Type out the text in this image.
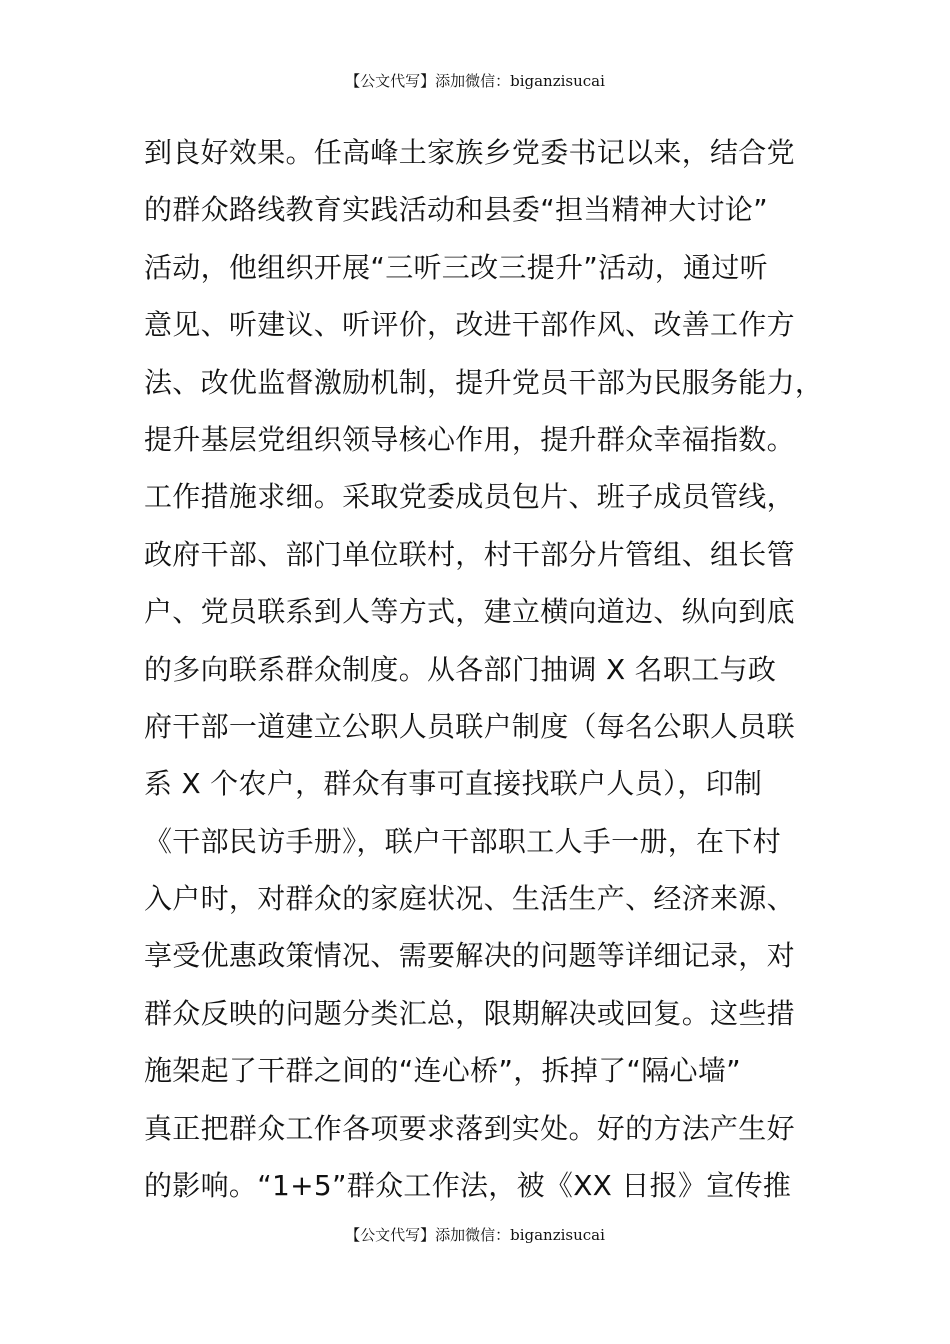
【公文代写】添加微信：biganzisucai
到良好效果。任高峰土家族乡党委书记以来，结合党
的群众路线教育实践活动和县委“担当精神大讨论”
活动，他组织开展“三听三改三提升”活动，通过听
意见、听建议、听评价，改进干部作风、改善工作方
法、改优监督激励机制，提升党员干部为民服务能力，
提升基层党组织领导核心作用，提升群众幸福指数。
工作措施求细。采取党委成员包片、班子成员管线，
政府干部、部门单位联村，村干部分片管组、组长管
户、党员联系到人等方式，建立横向道边、纵向到底
的多向联系群众制度。从各部门抽调 X 名职工与政
府干部一道建立公职人员联户制度（每名公职人员联
系 X 个农户，群众有事可直接找联户人员），印制
《干部民访手册》，联户干部职工人手一册，在下村
入户时，对群众的家庭状况、生活生产、经济来源、
享受优惠政策情况、需要解决的问题等详细记录，对
群众反映的问题分类汇总，限期解决或回复。这些措
施架起了干群之间的“连心桥”，拆掉了“隔心墙”
真正把群众工作各项要求落到实处。好的方法产生好
的影响。“1+5”群众工作法，被《XX 日报》宣传推
【公文代写】添加微信：biganzisucai
